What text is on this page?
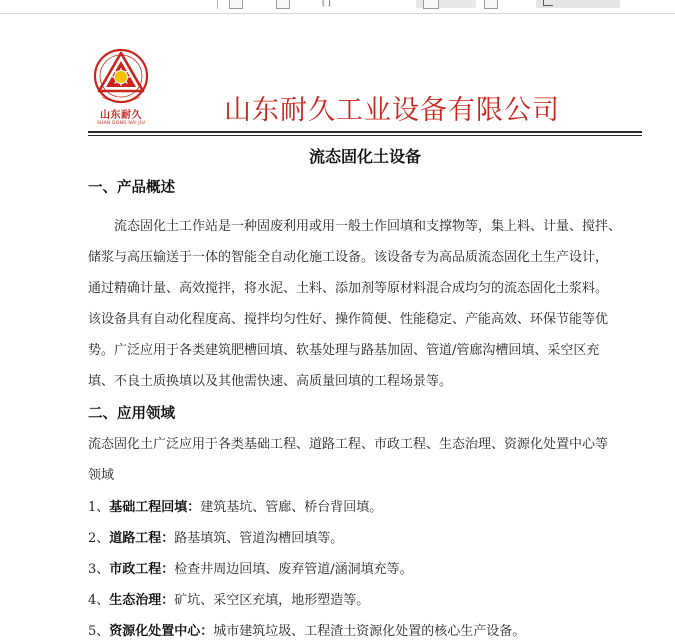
[ ]
山东耐久
SHAN DONG NAI JIU	山东耐久工业设备有限公司
流态固化土设备
一、产品概述
　　流态固化土工作站是一种固废利用或用一般土作回填和支撑物等，集上料、计量、搅拌、
储浆与高压输送于一体的智能全自动化施工设备。该设备专为高品质流态固化土生产设计，
通过精确计量、高效搅拌，将水泥、土料、添加剂等原材料混合成均匀的流态固化土浆料。
该设备具有自动化程度高、搅拌均匀性好、操作简便、性能稳定、产能高效、环保节能等优
势。广泛应用于各类建筑肥槽回填、软基处理与路基加固、管道/管廊沟槽回填、采空区充
填、不良土质换填以及其他需快速、高质量回填的工程场景等。
二、应用领域
流态固化土广泛应用于各类基础工程、道路工程、市政工程、生态治理、资源化处置中心等
领域
1、基础工程回填：建筑基坑、管廊、桥台背回填。
2、道路工程：路基填筑、管道沟槽回填等。
3、市政工程：检查井周边回填、废弃管道/涵洞填充等。
4、生态治理：矿坑、采空区充填，地形塑造等。
5、资源化处置中心：城市建筑垃圾、工程渣土资源化处置的核心生产设备。
